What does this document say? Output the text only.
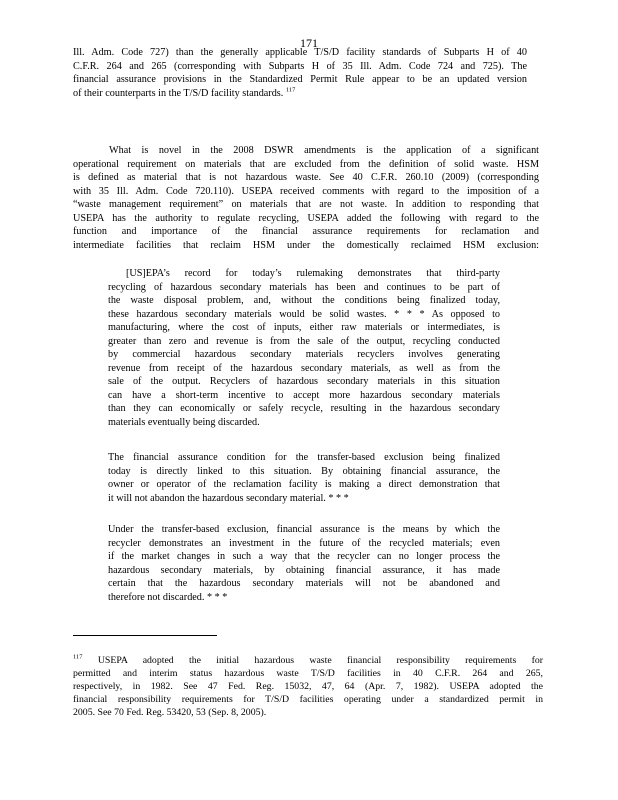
171
Ill. Adm. Code 727) than the generally applicable T/S/D facility standards of Subparts H of 40
C.F.R. 264 and 265 (corresponding with Subparts H of 35 Ill. Adm. Code 724 and 725). The
financial assurance provisions in the Standardized Permit Rule appear to be an updated version
of their counterparts in the T/S/D facility standards. $^{117}$
What is novel in the 2008 DSWR amendments is the application of a significant
operational requirement on materials that are excluded from the definition of solid waste. HSM
is defined as material that is not hazardous waste. See 40 C.F.R. 260.10 (2009) (corresponding
with 35 Ill. Adm. Code 720.110). USEPA received comments with regard to the imposition of a
“waste management requirement” on materials that are not waste. In addition to responding that
USEPA has the authority to regulate recycling, USEPA added the following with regard to the
function and importance of the financial assurance requirements for reclamation and
intermediate facilities that reclaim HSM under the domestically reclaimed HSM exclusion:
[US]EPA’s record for today’s rulemaking demonstrates that third-party
recycling of hazardous secondary materials has been and continues to be part of
the waste disposal problem, and, without the conditions being finalized today,
these hazardous secondary materials would be solid wastes. * * * As opposed to
manufacturing, where the cost of inputs, either raw materials or intermediates, is
greater than zero and revenue is from the sale of the output, recycling conducted
by commercial hazardous secondary materials recyclers involves generating
revenue from receipt of the hazardous secondary materials, as well as from the
sale of the output. Recyclers of hazardous secondary materials in this situation
can have a short-term incentive to accept more hazardous secondary materials
than they can economically or safely recycle, resulting in the hazardous secondary
materials eventually being discarded.
The financial assurance condition for the transfer-based exclusion being finalized
today is directly linked to this situation. By obtaining financial assurance, the
owner or operator of the reclamation facility is making a direct demonstration that
it will not abandon the hazardous secondary material. * * *
Under the transfer-based exclusion, financial assurance is the means by which the
recycler demonstrates an investment in the future of the recycled materials; even
if the market changes in such a way that the recycler can no longer process the
hazardous secondary materials, by obtaining financial assurance, it has made
certain that the hazardous secondary materials will not be abandoned and
therefore not discarded. * * *
$^{117}$ USEPA adopted the initial hazardous waste financial responsibility requirements for
permitted and interim status hazardous waste T/S/D facilities in 40 C.F.R. 264 and 265,
respectively, in 1982. See 47 Fed. Reg. 15032, 47, 64 (Apr. 7, 1982). USEPA adopted the
financial responsibility requirements for T/S/D facilities operating under a standardized permit in
2005. See 70 Fed. Reg. 53420, 53 (Sep. 8, 2005).
